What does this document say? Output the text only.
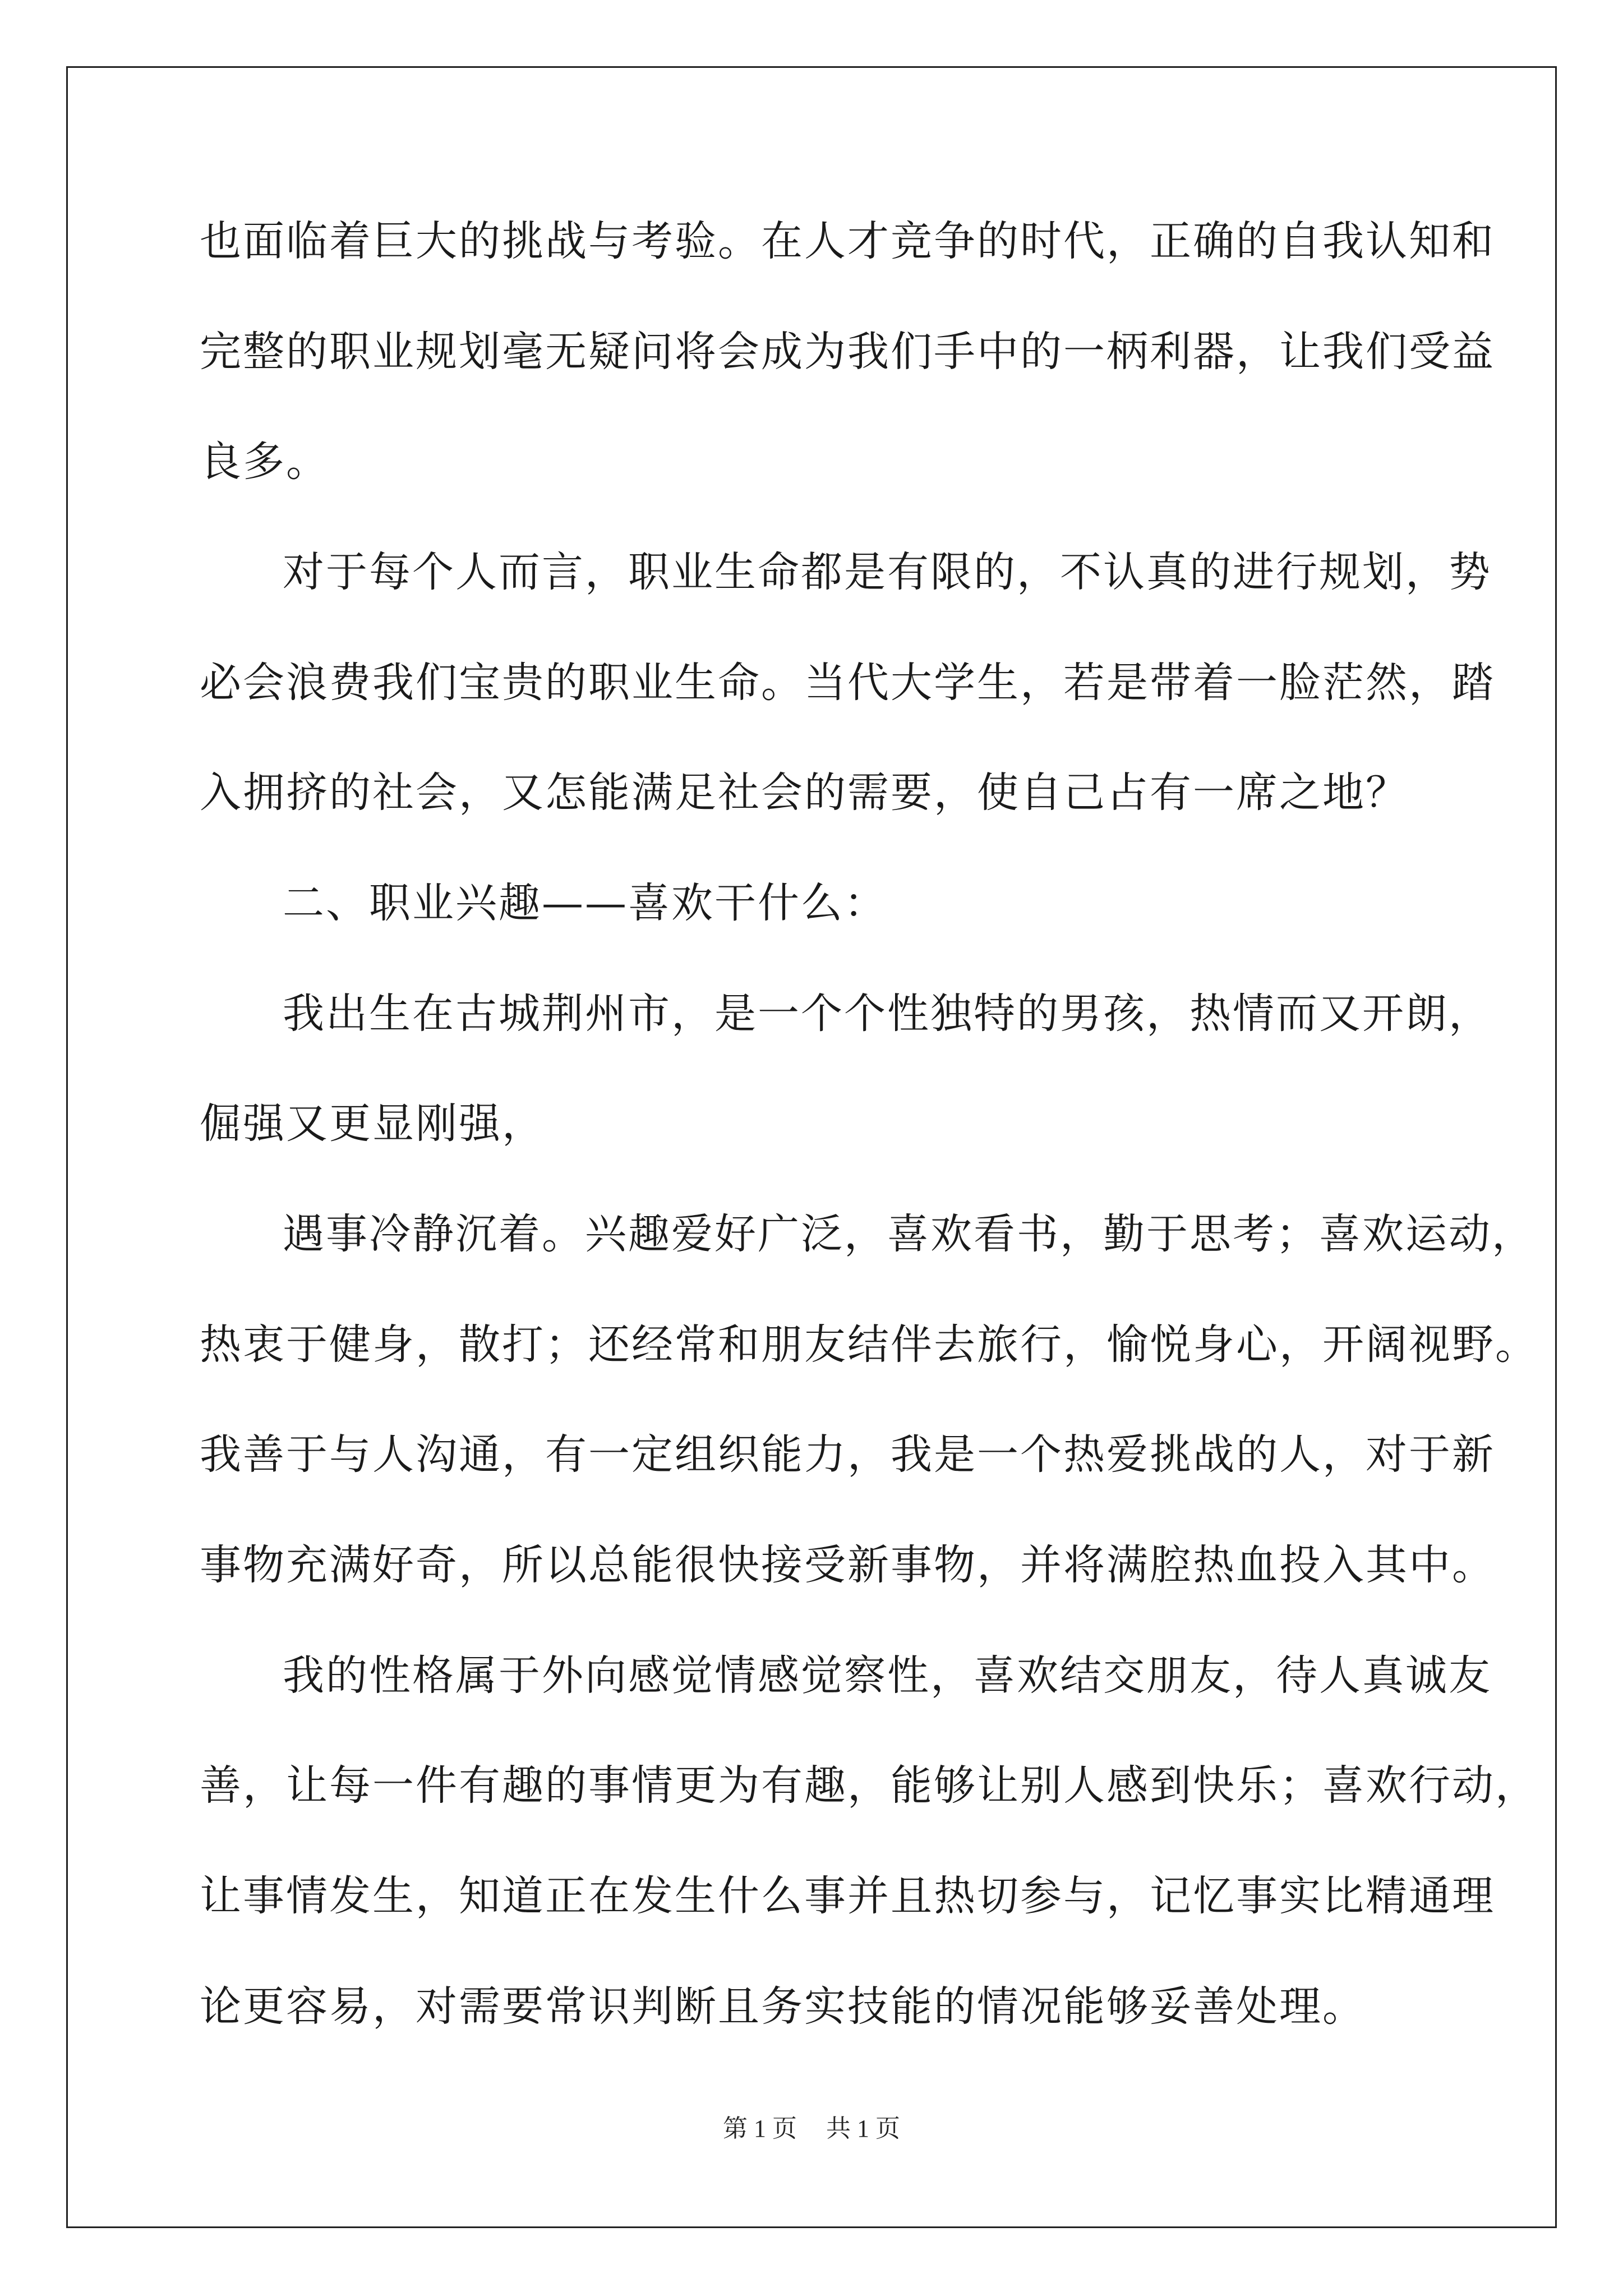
也面临着巨大的挑战与考验。在人才竞争的时代，正确的自我认知和
完整的职业规划毫无疑问将会成为我们手中的一柄利器，让我们受益
良多。
对于每个人而言，职业生命都是有限的，不认真的进行规划，势
必会浪费我们宝贵的职业生命。当代大学生，若是带着一脸茫然，踏
入拥挤的社会，又怎能满足社会的需要，使自己占有一席之地？
二、职业兴趣——喜欢干什么：
我出生在古城荆州市，是一个个性独特的男孩，热情而又开朗，
倔强又更显刚强，
遇事冷静沉着。兴趣爱好广泛，喜欢看书，勤于思考；喜欢运动，
热衷于健身，散打；还经常和朋友结伴去旅行，愉悦身心，开阔视野。
我善于与人沟通，有一定组织能力，我是一个热爱挑战的人，对于新
事物充满好奇，所以总能很快接受新事物，并将满腔热血投入其中。
我的性格属于外向感觉情感觉察性，喜欢结交朋友，待人真诚友
善，让每一件有趣的事情更为有趣，能够让别人感到快乐；喜欢行动，
让事情发生，知道正在发生什么事并且热切参与，记忆事实比精通理
论更容易，对需要常识判断且务实技能的情况能够妥善处理。
第 1 页 共 1 页
